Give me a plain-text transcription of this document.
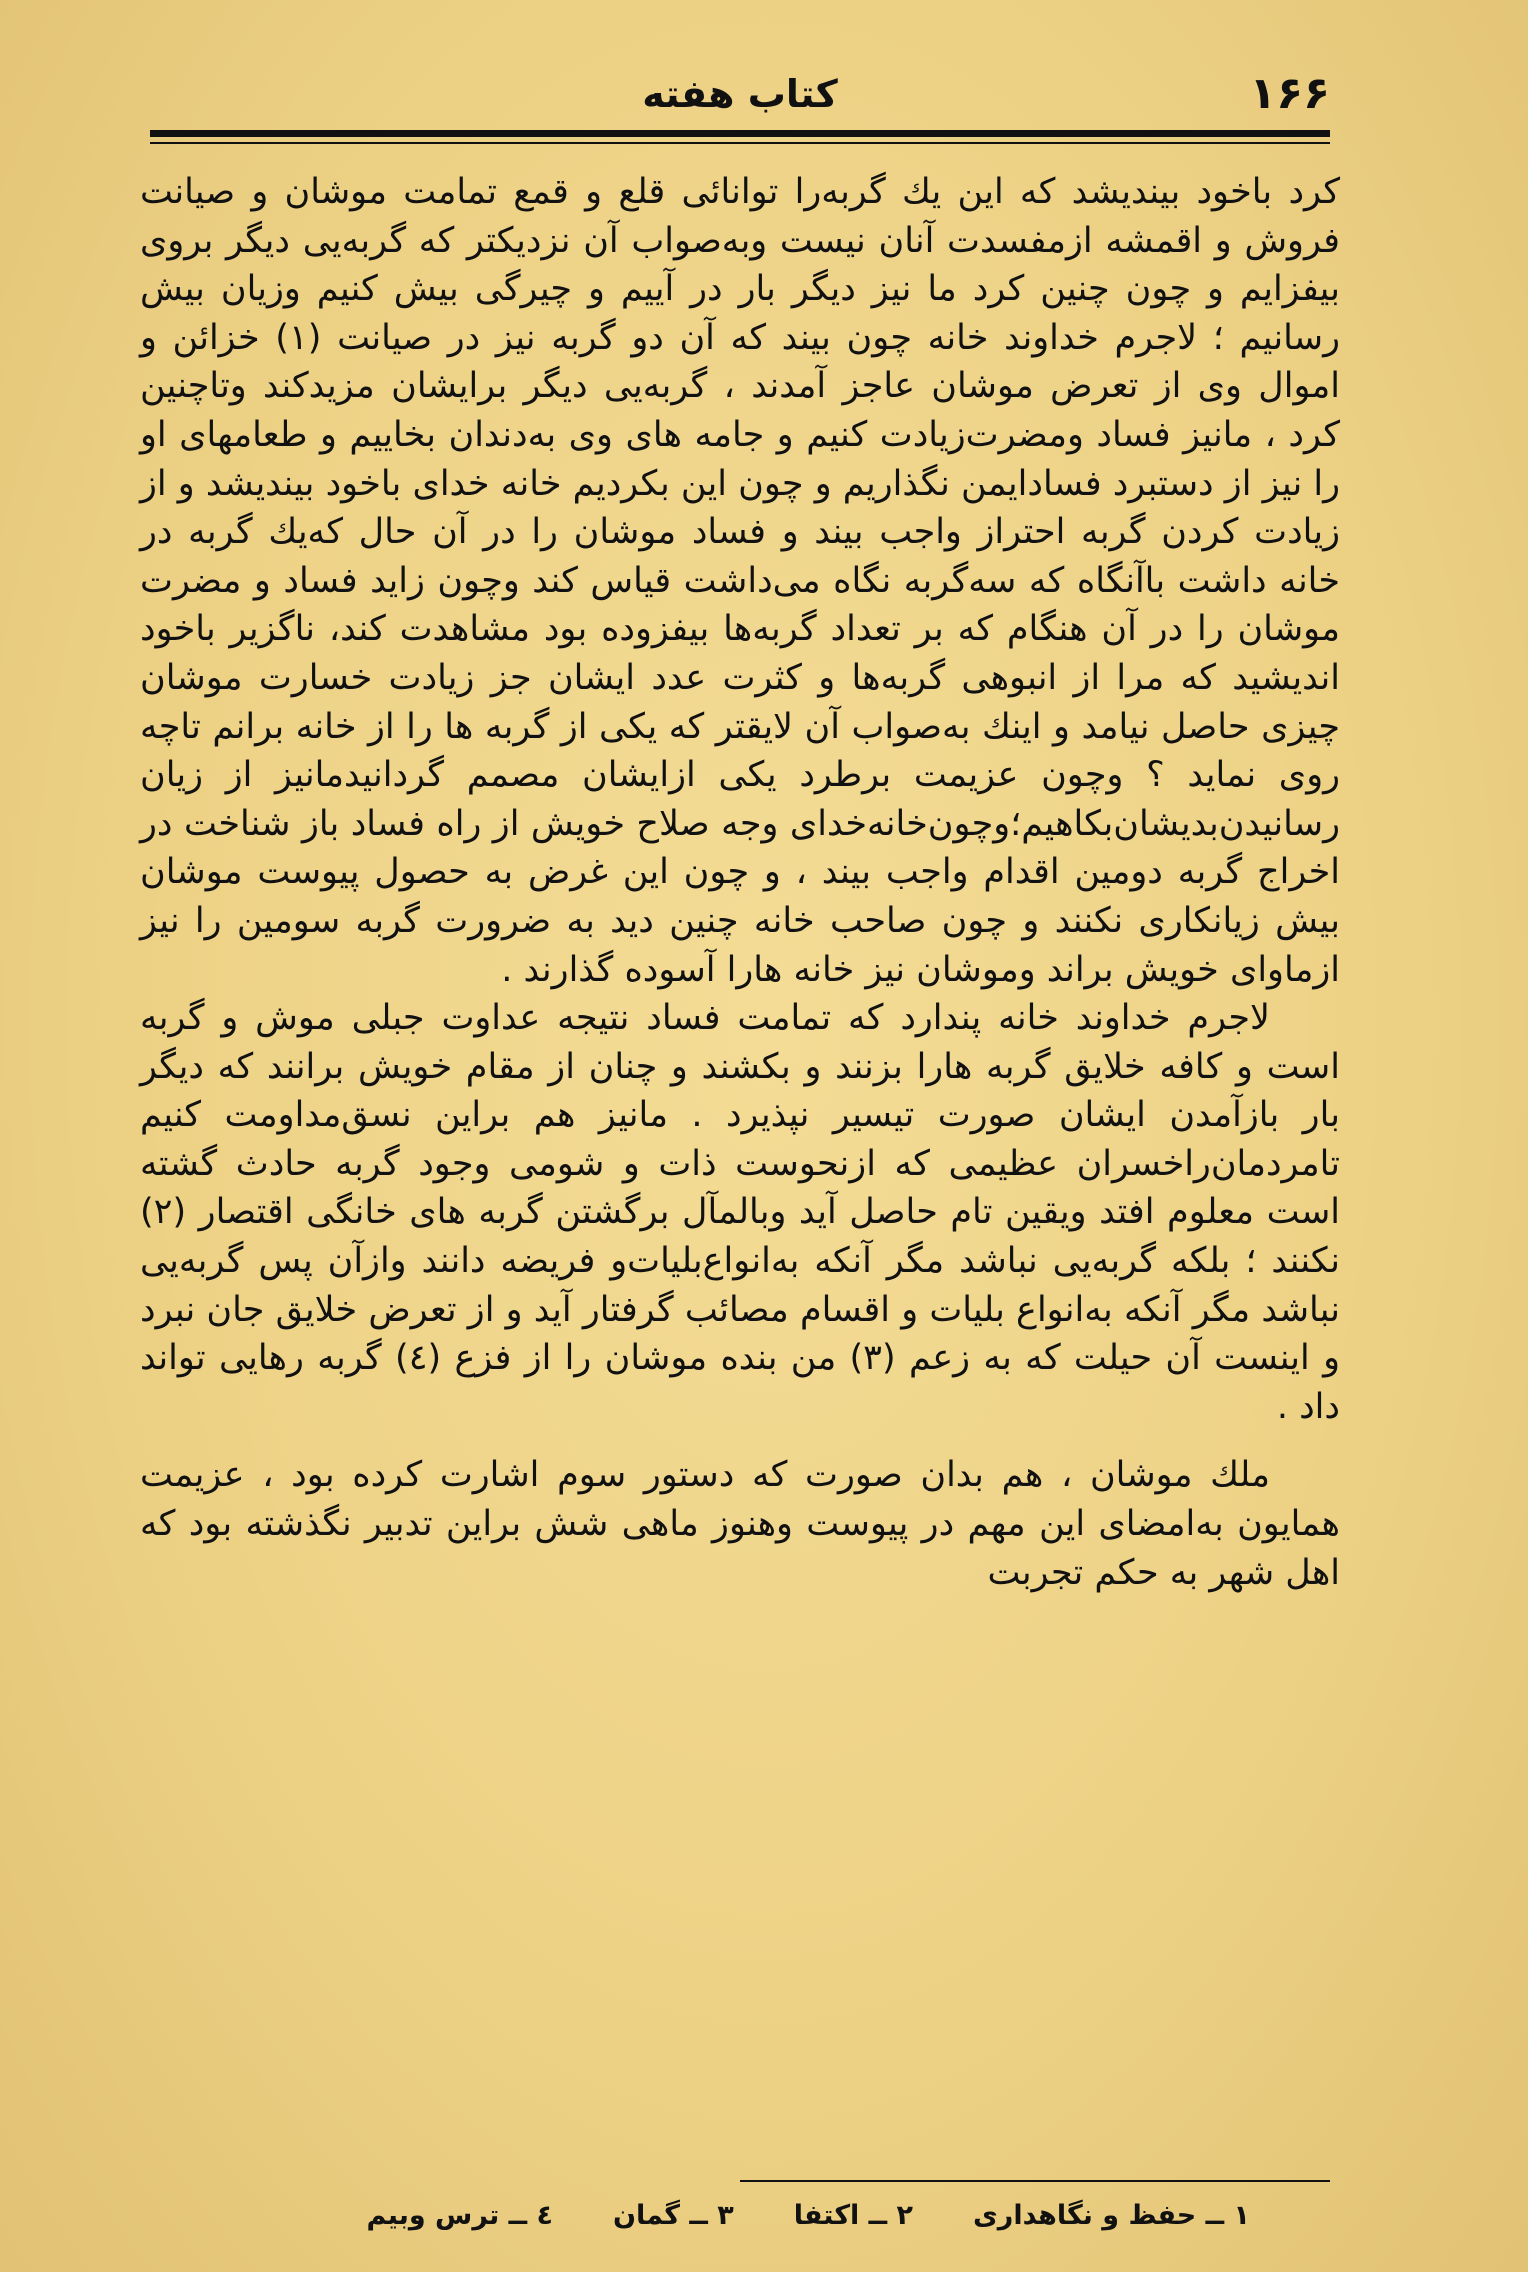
۱۶۶
کتاب هفته

کرد باخود بیندیشد که این یك گربه‌را توانائی قلع و قمع تمامت موشان و صیانت فروش و اقمشه ازمفسدت آنان نیست وبه‌صواب آن نزدیکتر که گربه‌یی دیگر بروی بیفزایم و چون چنین کرد ما نیز دیگر بار در آییم و چیرگی بیش کنیم وزیان بیش رسانیم ؛ لاجرم خداوند خانه چون بیند که آن دو گربه نیز در صیانت (۱) خزائن و اموال وی از تعرض موشان عاجز آمدند ، گربه‌یی دیگر برایشان مزیدکند وتاچنین کرد ، مانیز فساد ومضرت‌زیادت کنیم و جامه های وی به‌دندان بخاییم و طعامهای او را نیز از دستبرد فسادایمن نگذاریم و چون این بکردیم خانه خدای باخود بیندیشد و از زیادت کردن گربه احتراز واجب بیند و فساد موشان را در آن حال که‌یك گربه در خانه داشت باآنگاه که سه‌گربه نگاه می‌داشت قیاس کند وچون زاید فساد و مضرت موشان را در آن هنگام که بر تعداد گربه‌ها بیفزوده بود مشاهدت کند، ناگزیر باخود اندیشید که مرا از انبوهی گربه‌ها و کثرت عدد ایشان جز زیادت خسارت موشان چیزی حاصل نیامد و اینك به‌صواب آن لایقتر که یکی از گربه ها را از خانه برانم تاچه روی نماید ؟ وچون عزیمت برطرد یکی ازایشان مصمم گردانیدمانیز از زیان رسانیدن‌بدیشان‌بکاهیم؛وچون‌خانه‌خدای وجه صلاح خویش از راه فساد باز شناخت در اخراج گربه دومین اقدام واجب بیند ، و چون این غرض به حصول پیوست موشان بیش زیانکاری نکنند و چون صاحب خانه چنین دید به ضرورت گربه سومین را نیز ازماوای خویش براند وموشان نیز خانه هارا آسوده گذارند .

لاجرم خداوند خانه پندارد که تمامت فساد نتیجه عداوت جبلی موش و گربه است و کافه خلایق گربه هارا بزنند و بکشند و چنان از مقام خویش برانند که دیگر بار بازآمدن ایشان صورت تیسیر نپذیرد . مانیز هم براین نسق‌مداومت کنیم تامردمان‌راخسران عظیمی که ازنحوست ذات و شومی وجود گربه حادث گشته است معلوم افتد ویقین تام حاصل آید وبالمآل برگشتن گربه های خانگی اقتصار (۲) نکنند ؛ بلکه گربه‌یی نباشد مگر آنکه به‌انواع‌بلیات‌و فریضه دانند وازآن پس گربه‌یی نباشد مگر آنکه به‌انواع بلیات و اقسام مصائب گرفتار آید و از تعرض خلایق جان نبرد و اینست آن حیلت که به زعم (۳) من بنده موشان را از فزع (٤) گربه رهایی تواند داد .

ملك موشان ، هم بدان صورت که دستور سوم اشارت کرده بود ، عزیمت همایون به‌امضای این مهم در پیوست وهنوز ماهی شش براین تدبیر نگذشته بود که اهل شهر به حکم تجربت

۱ ــ حفظ و نگاهداری
۲ ــ اکتفا
۳ ــ گمان
٤ ــ ترس وبیم
